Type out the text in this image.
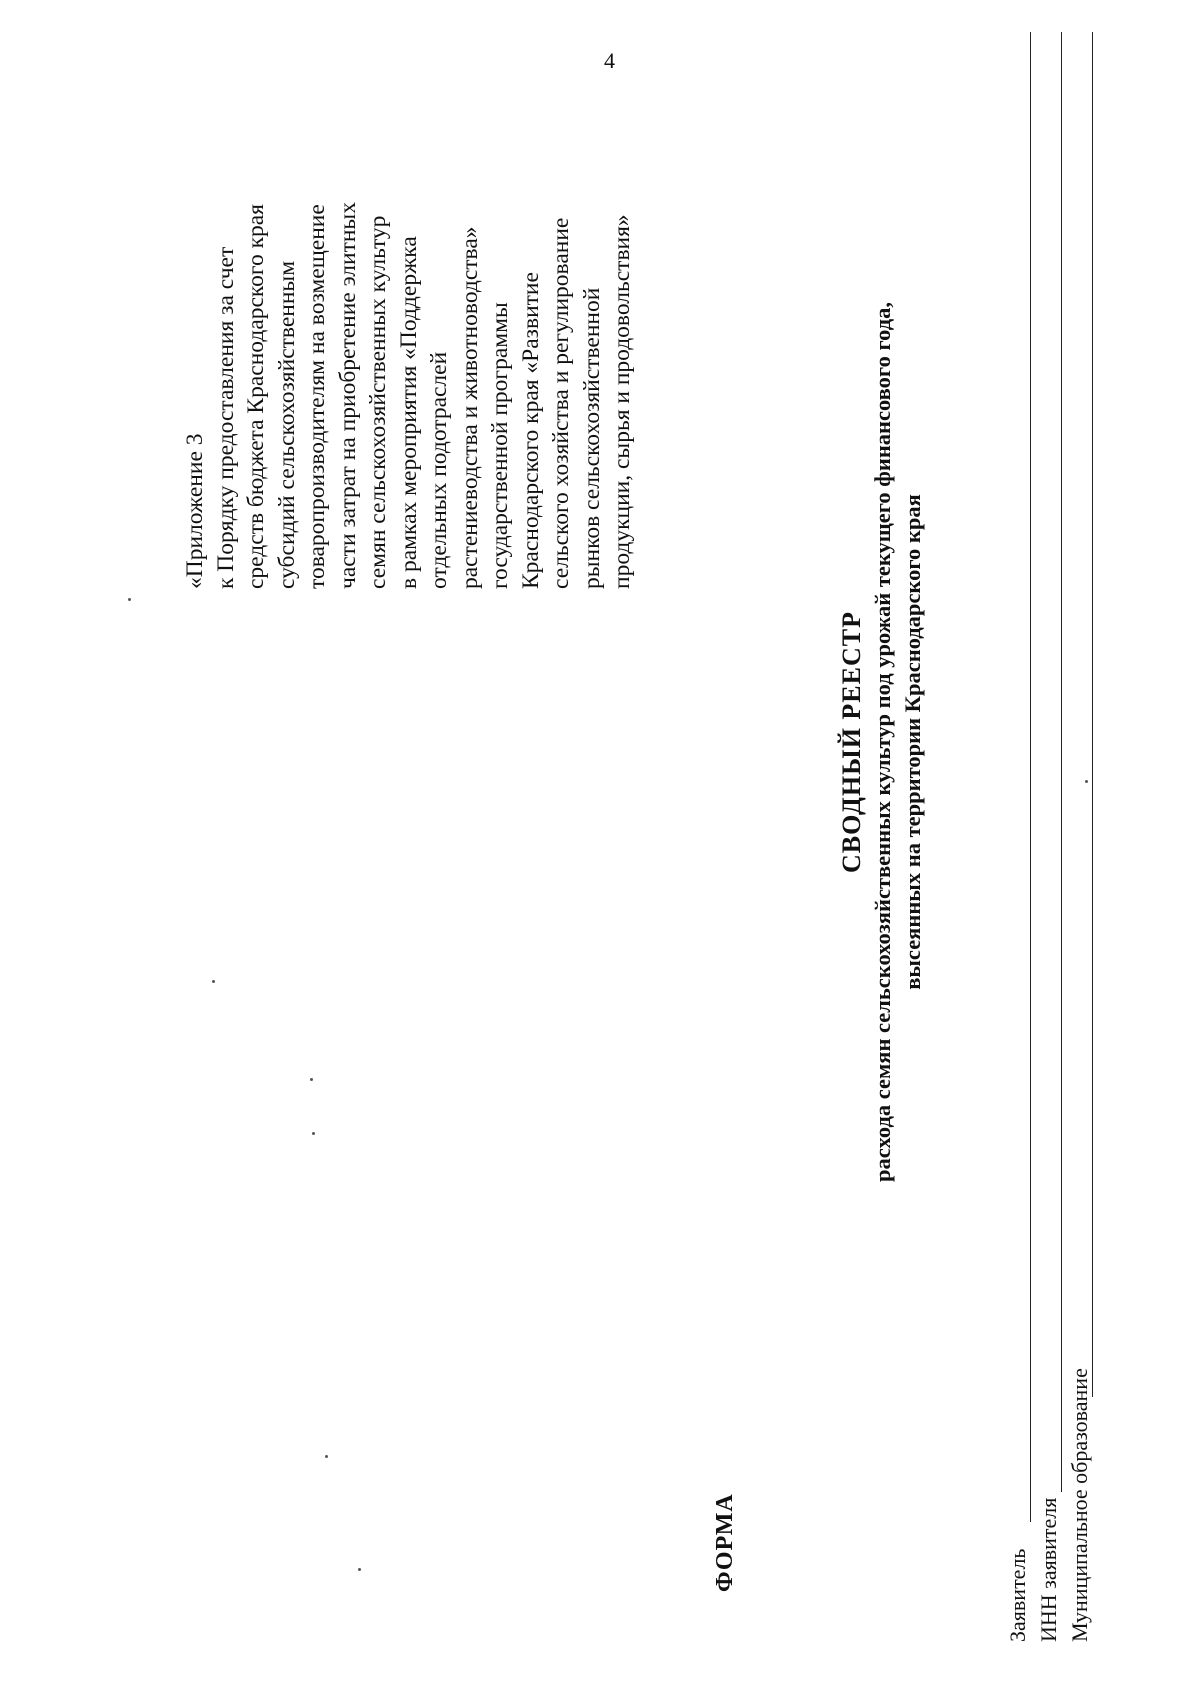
4
«Приложение 3 к Порядку предоставления за счет средств бюджета Краснодарского края субсидий сельскохозяйственным товаропроизводителям на возмещение части затрат на приобретение элитных семян сельскохозяйственных культур в рамках мероприятия «Поддержка отдельных подотраслей растениеводства и животноводства» государственной программы Краснодарского края «Развитие сельского хозяйства и регулирование рынков сельскохозяйственной продукции, сырья и продовольствия»
ФОРМА
СВОДНЫЙ РЕЕСТР расхода семян сельскохозяйственных культур под урожай текущего финансового года, высеянных на территории Краснодарского края
Заявитель ИНН заявителя Муниципальное образование
